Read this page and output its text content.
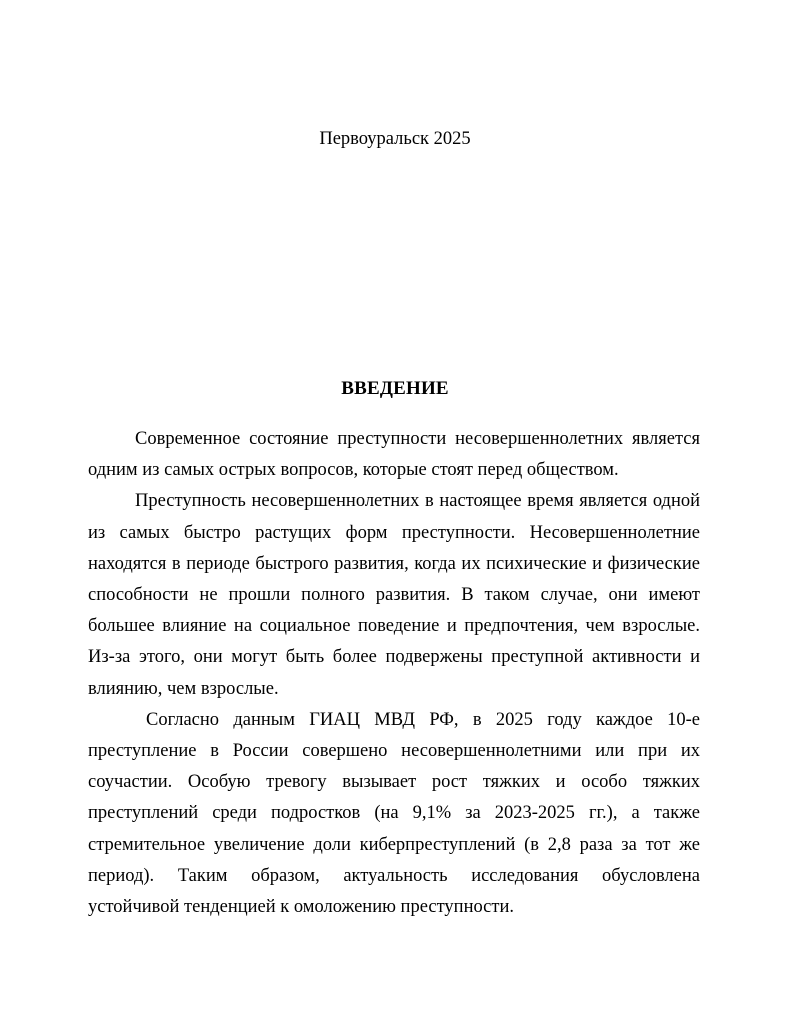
Первоуральск 2025
ВВЕДЕНИЕ

Современное состояние преступности несовершеннолетних является одним из самых острых вопросов, которые стоят перед обществом.

Преступность несовершеннолетних в настоящее время является одной из самых быстро растущих форм преступности. Несовершеннолетние находятся в периоде быстрого развития, когда их психические и физические способности не прошли полного развития. В таком случае, они имеют большее влияние на социальное поведение и предпочтения, чем взрослые. Из-за этого, они могут быть более подвержены преступной активности и влиянию, чем взрослые.

Согласно данным ГИАЦ МВД РФ, в 2025 году каждое 10-е преступление в России совершено несовершеннолетними или при их соучастии. Особую тревогу вызывает рост тяжких и особо тяжких преступлений среди подростков (на 9,1% за 2023-2025 гг.), а также стремительное увеличение доли киберпреступлений (в 2,8 раза за тот же период). Таким образом, актуальность исследования обусловлена устойчивой тенденцией к омоложению преступности.
